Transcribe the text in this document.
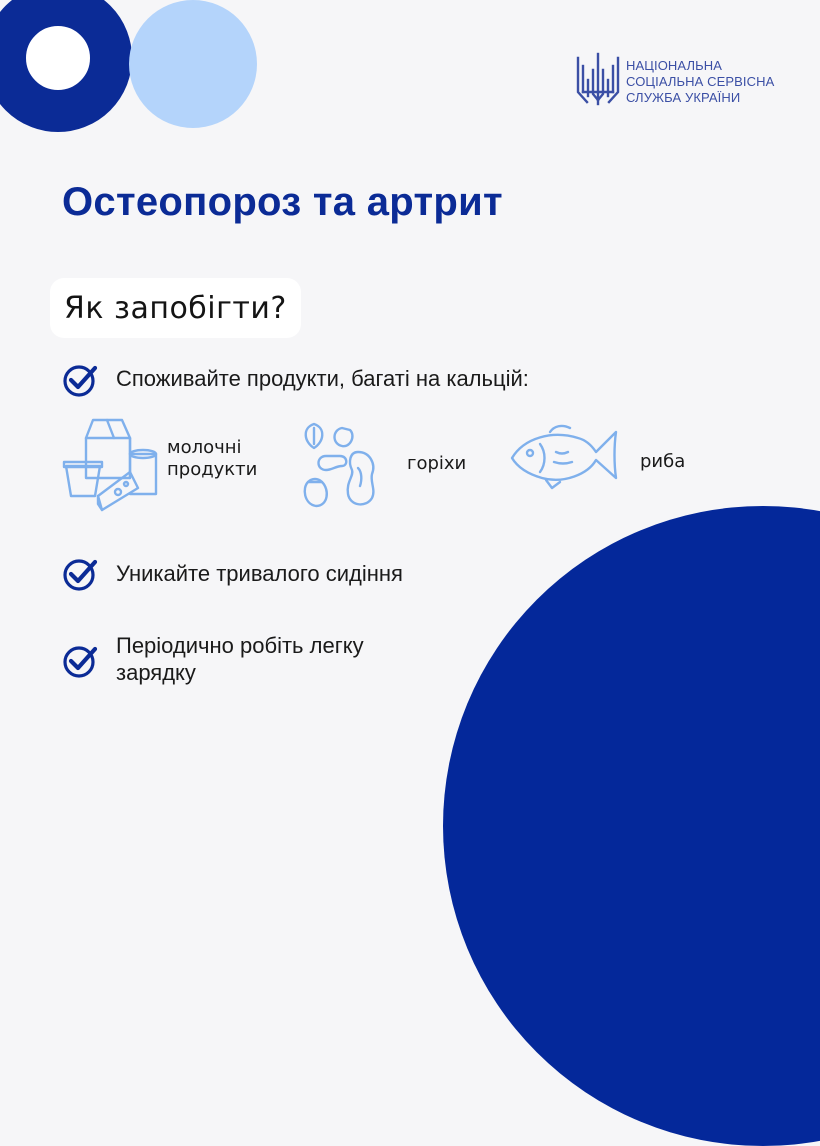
НАЦІОНАЛЬНА
СОЦІАЛЬНА СЕРВІСНА
СЛУЖБА УКРАЇНИ
Остеопороз та артрит
Як запобігти?
Споживайте продукти, багаті на кальцій:
молочні
продукти	горіхи	риба
Уникайте тривалого сидіння
Періодично робіть легку
зарядку
